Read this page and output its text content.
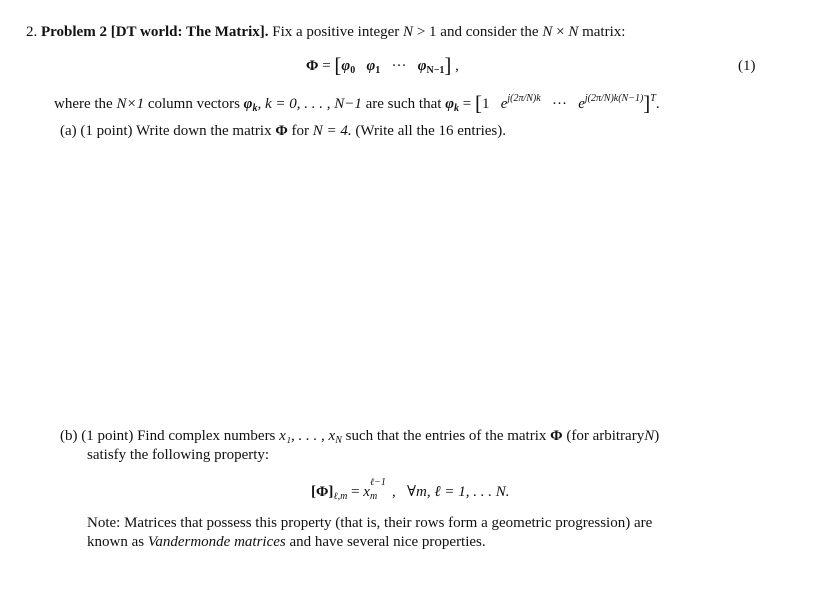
2. Problem 2 [DT world: The Matrix]. Fix a positive integer N > 1 and consider the N × N matrix:
$\Phi = [\varphi_0$ $\varphi_1$ ··· $\varphi_{N-1}$] ,	(1)
where the N×1 column vectors $\varphi_k$, k = 0, . . . , N−1 are such that $\varphi_k = [1$ $e^{j(2\pi/N)k}$ ··· $e^{j(2\pi/N)k(N-1)}]^T$.
(a) (1 point) Write down the matrix Φ for N = 4. (Write all the 16 entries).
(b) (1 point) Find complex numbers x₁, . . . , $x_N$ such that the entries of the matrix Φ (for arbitraryN)
satisfy the following property:
$[\Phi]_{\ell,m} = x$
ℓ−1
m , ∀m, ℓ = 1, . . . N.
Note: Matrices that possess this property (that is, their rows form a geometric progression) are
known as Vandermonde matrices and have several nice properties.
